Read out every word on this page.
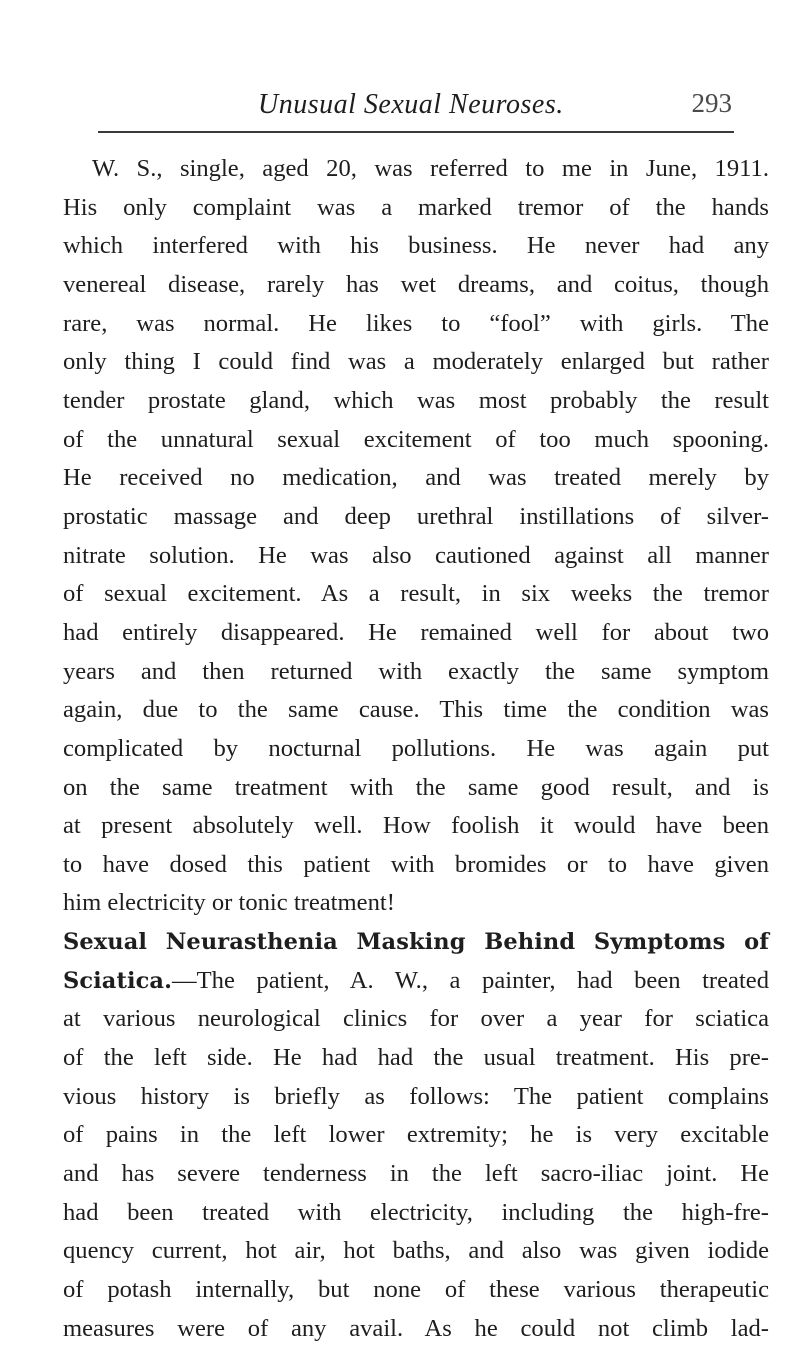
Unusual Sexual Neuroses.	293
W. S., single, aged 20, was referred to me in June, 1911.
His only complaint was a marked tremor of the hands
which interfered with his business. He never had any
venereal disease, rarely has wet dreams, and coitus, though
rare, was normal. He likes to “fool” with girls. The
only thing I could find was a moderately enlarged but rather
tender prostate gland, which was most probably the result
of the unnatural sexual excitement of too much spooning.
He received no medication, and was treated merely by
prostatic massage and deep urethral instillations of silver-
nitrate solution. He was also cautioned against all manner
of sexual excitement. As a result, in six weeks the tremor
had entirely disappeared. He remained well for about two
years and then returned with exactly the same symptom
again, due to the same cause. This time the condition was
complicated by nocturnal pollutions. He was again put
on the same treatment with the same good result, and is
at present absolutely well. How foolish it would have been
to have dosed this patient with bromides or to have given
him electricity or tonic treatment!
Sexual Neurasthenia Masking Behind Symptoms of
Sciatica.—The patient, A. W., a painter, had been treated
at various neurological clinics for over a year for sciatica
of the left side. He had had the usual treatment. His pre-
vious history is briefly as follows: The patient complains
of pains in the left lower extremity; he is very excitable
and has severe tenderness in the left sacro-iliac joint. He
had been treated with electricity, including the high-fre-
quency current, hot air, hot baths, and also was given iodide
of potash internally, but none of these various therapeutic
measures were of any avail. As he could not climb lad-
